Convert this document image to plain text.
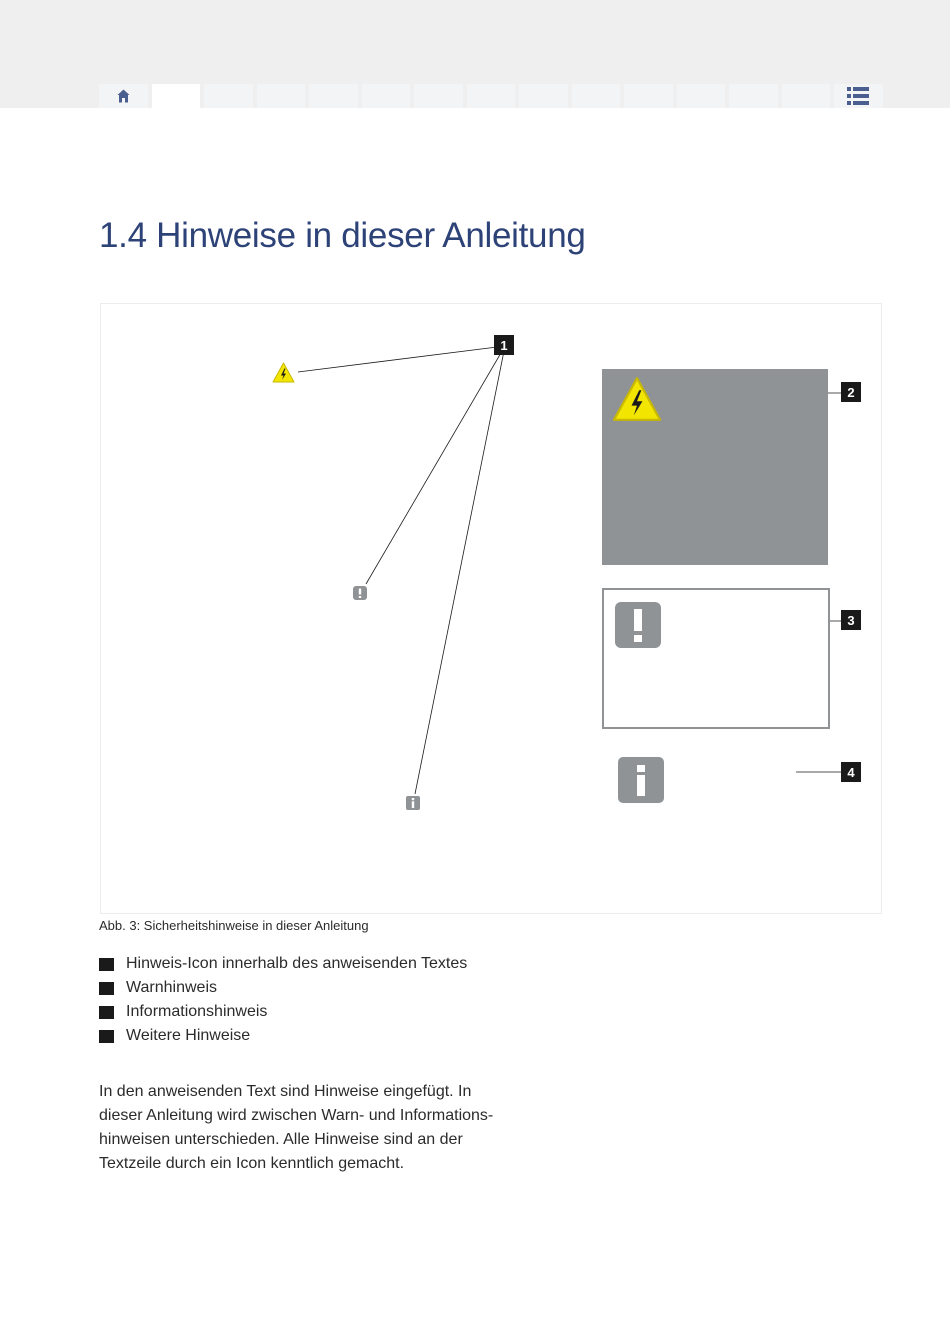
1.4 Hinweise in dieser Anleitung
1
2
3
4
Abb. 3: Sicherheitshinweise in dieser Anleitung
Hinweis-Icon innerhalb des anweisenden Textes
Warnhinweis
Informationshinweis
Weitere Hinweise

In den anweisenden Text sind Hinweise eingefügt. In
dieser Anleitung wird zwischen Warn- und Informations-
hinweisen unterschieden. Alle Hinweise sind an der
Textzeile durch ein Icon kenntlich gemacht.
